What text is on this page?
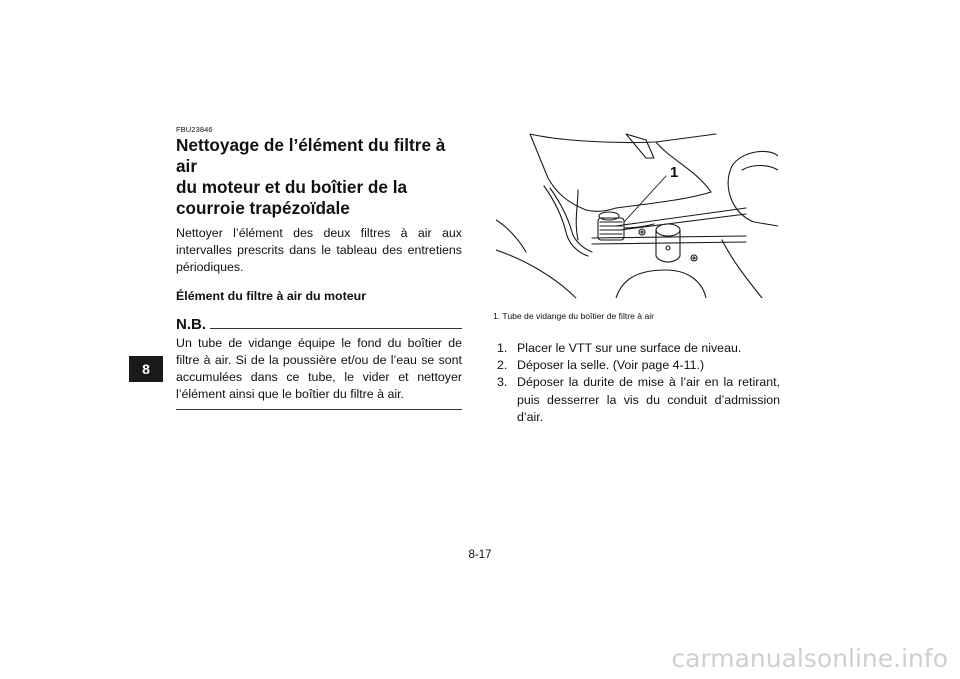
8
FBU23846
Nettoyage de l’élément du filtre à air
du moteur et du boîtier de la
courroie trapézoïdale

Nettoyer l’élément des deux filtres à air aux intervalles prescrits dans le tableau des entretiens périodiques.

Élément du filtre à air du moteur

N.B.

Un tube de vidange équipe le fond du boîtier de filtre à air. Si de la poussière et/ou de l’eau se sont accumulées dans ce tube, le vider et nettoyer l’élément ainsi que le boîtier du filtre à air.

1
1. Tube de vidange du boîtier de filtre à air
1. Placer le VTT sur une surface de niveau.
2. Déposer la selle. (Voir page 4-11.)
3. Déposer la durite de mise à l’air en la retirant, puis desserrer la vis du conduit d’admission d’air.
8-17
carmanualsonline.info
